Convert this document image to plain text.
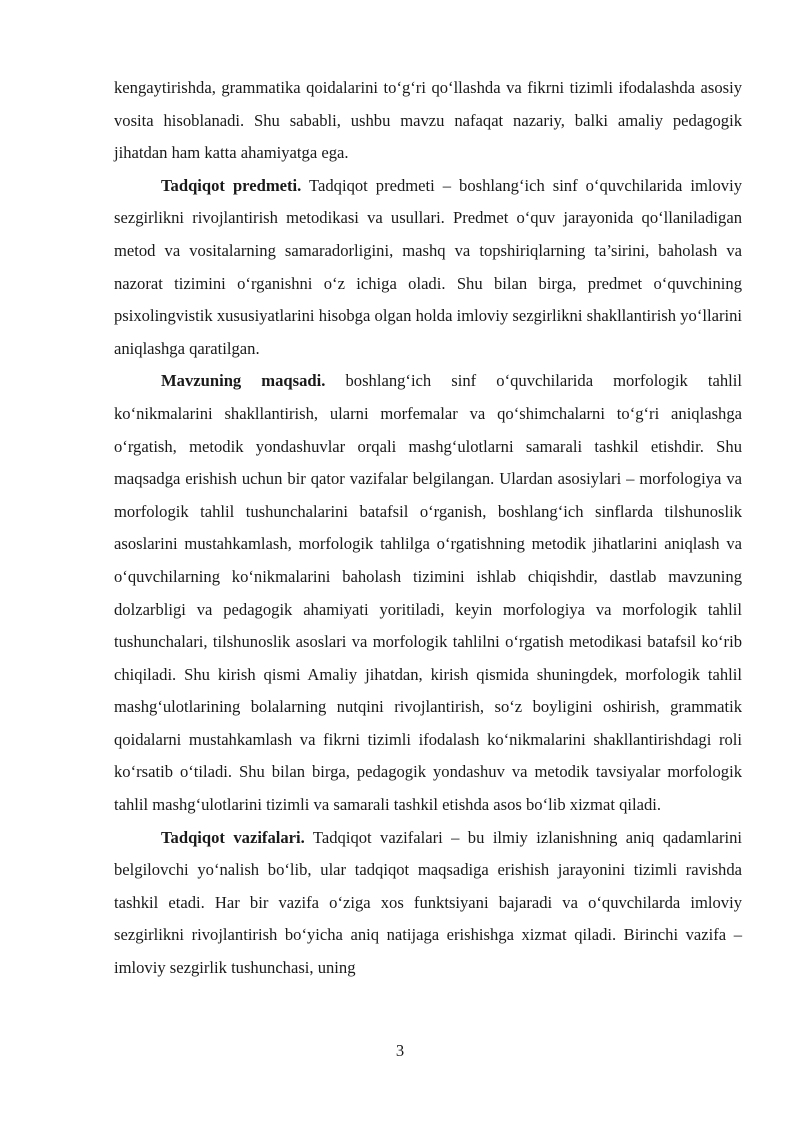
kengaytirishda, grammatika qoidalarini to‘g‘ri qo‘llashda va fikrni tizimli ifodalashda asosiy vosita hisoblanadi. Shu sababli, ushbu mavzu nafaqat nazariy, balki amaliy pedagogik jihatdan ham katta ahamiyatga ega.

Tadqiqot predmeti. Tadqiqot predmeti – boshlang‘ich sinf o‘quvchilarida imloviy sezgirlikni rivojlantirish metodikasi va usullari. Predmet o‘quv jarayonida qo‘llaniladigan metod va vositalarning samaradorligini, mashq va topshiriqlarning ta’sirini, baholash va nazorat tizimini o‘rganishni o‘z ichiga oladi. Shu bilan birga, predmet o‘quvchining psixolingvistik xususiyatlarini hisobga olgan holda imloviy sezgirlikni shakllantirish yo‘llarini aniqlashga qaratilgan.

Mavzuning maqsadi. boshlang‘ich sinf o‘quvchilarida morfologik tahlil ko‘nikmalarini shakllantirish, ularni morfemalar va qo‘shimchalarni to‘g‘ri aniqlashga o‘rgatish, metodik yondashuvlar orqali mashg‘ulotlarni samarali tashkil etishdir. Shu maqsadga erishish uchun bir qator vazifalar belgilangan. Ulardan asosiylari – morfologiya va morfologik tahlil tushunchalarini batafsil o‘rganish, boshlang‘ich sinflarda tilshunoslik asoslarini mustahkamlash, morfologik tahlilga o‘rgatishning metodik jihatlarini aniqlash va o‘quvchilarning ko‘nikmalarini baholash tizimini ishlab chiqishdir, dastlab mavzuning dolzarbligi va pedagogik ahamiyati yoritiladi, keyin morfologiya va morfologik tahlil tushunchalari, tilshunoslik asoslari va morfologik tahlilni o‘rgatish metodikasi batafsil ko‘rib chiqiladi. Shu kirish qismi Amaliy jihatdan, kirish qismida shuningdek, morfologik tahlil mashg‘ulotlarining bolalarning nutqini rivojlantirish, so‘z boyligini oshirish, grammatik qoidalarni mustahkamlash va fikrni tizimli ifodalash ko‘nikmalarini shakllantirishdagi roli ko‘rsatib o‘tiladi. Shu bilan birga, pedagogik yondashuv va metodik tavsiyalar morfologik tahlil mashg‘ulotlarini tizimli va samarali tashkil etishda asos bo‘lib xizmat qiladi.

Tadqiqot vazifalari. Tadqiqot vazifalari – bu ilmiy izlanishning aniq qadamlarini belgilovchi yo‘nalish bo‘lib, ular tadqiqot maqsadiga erishish jarayonini tizimli ravishda tashkil etadi. Har bir vazifa o‘ziga xos funktsiyani bajaradi va o‘quvchilarda imloviy sezgirlikni rivojlantirish bo‘yicha aniq natijaga erishishga xizmat qiladi. Birinchi vazifa – imloviy sezgirlik tushunchasi, uning

3
